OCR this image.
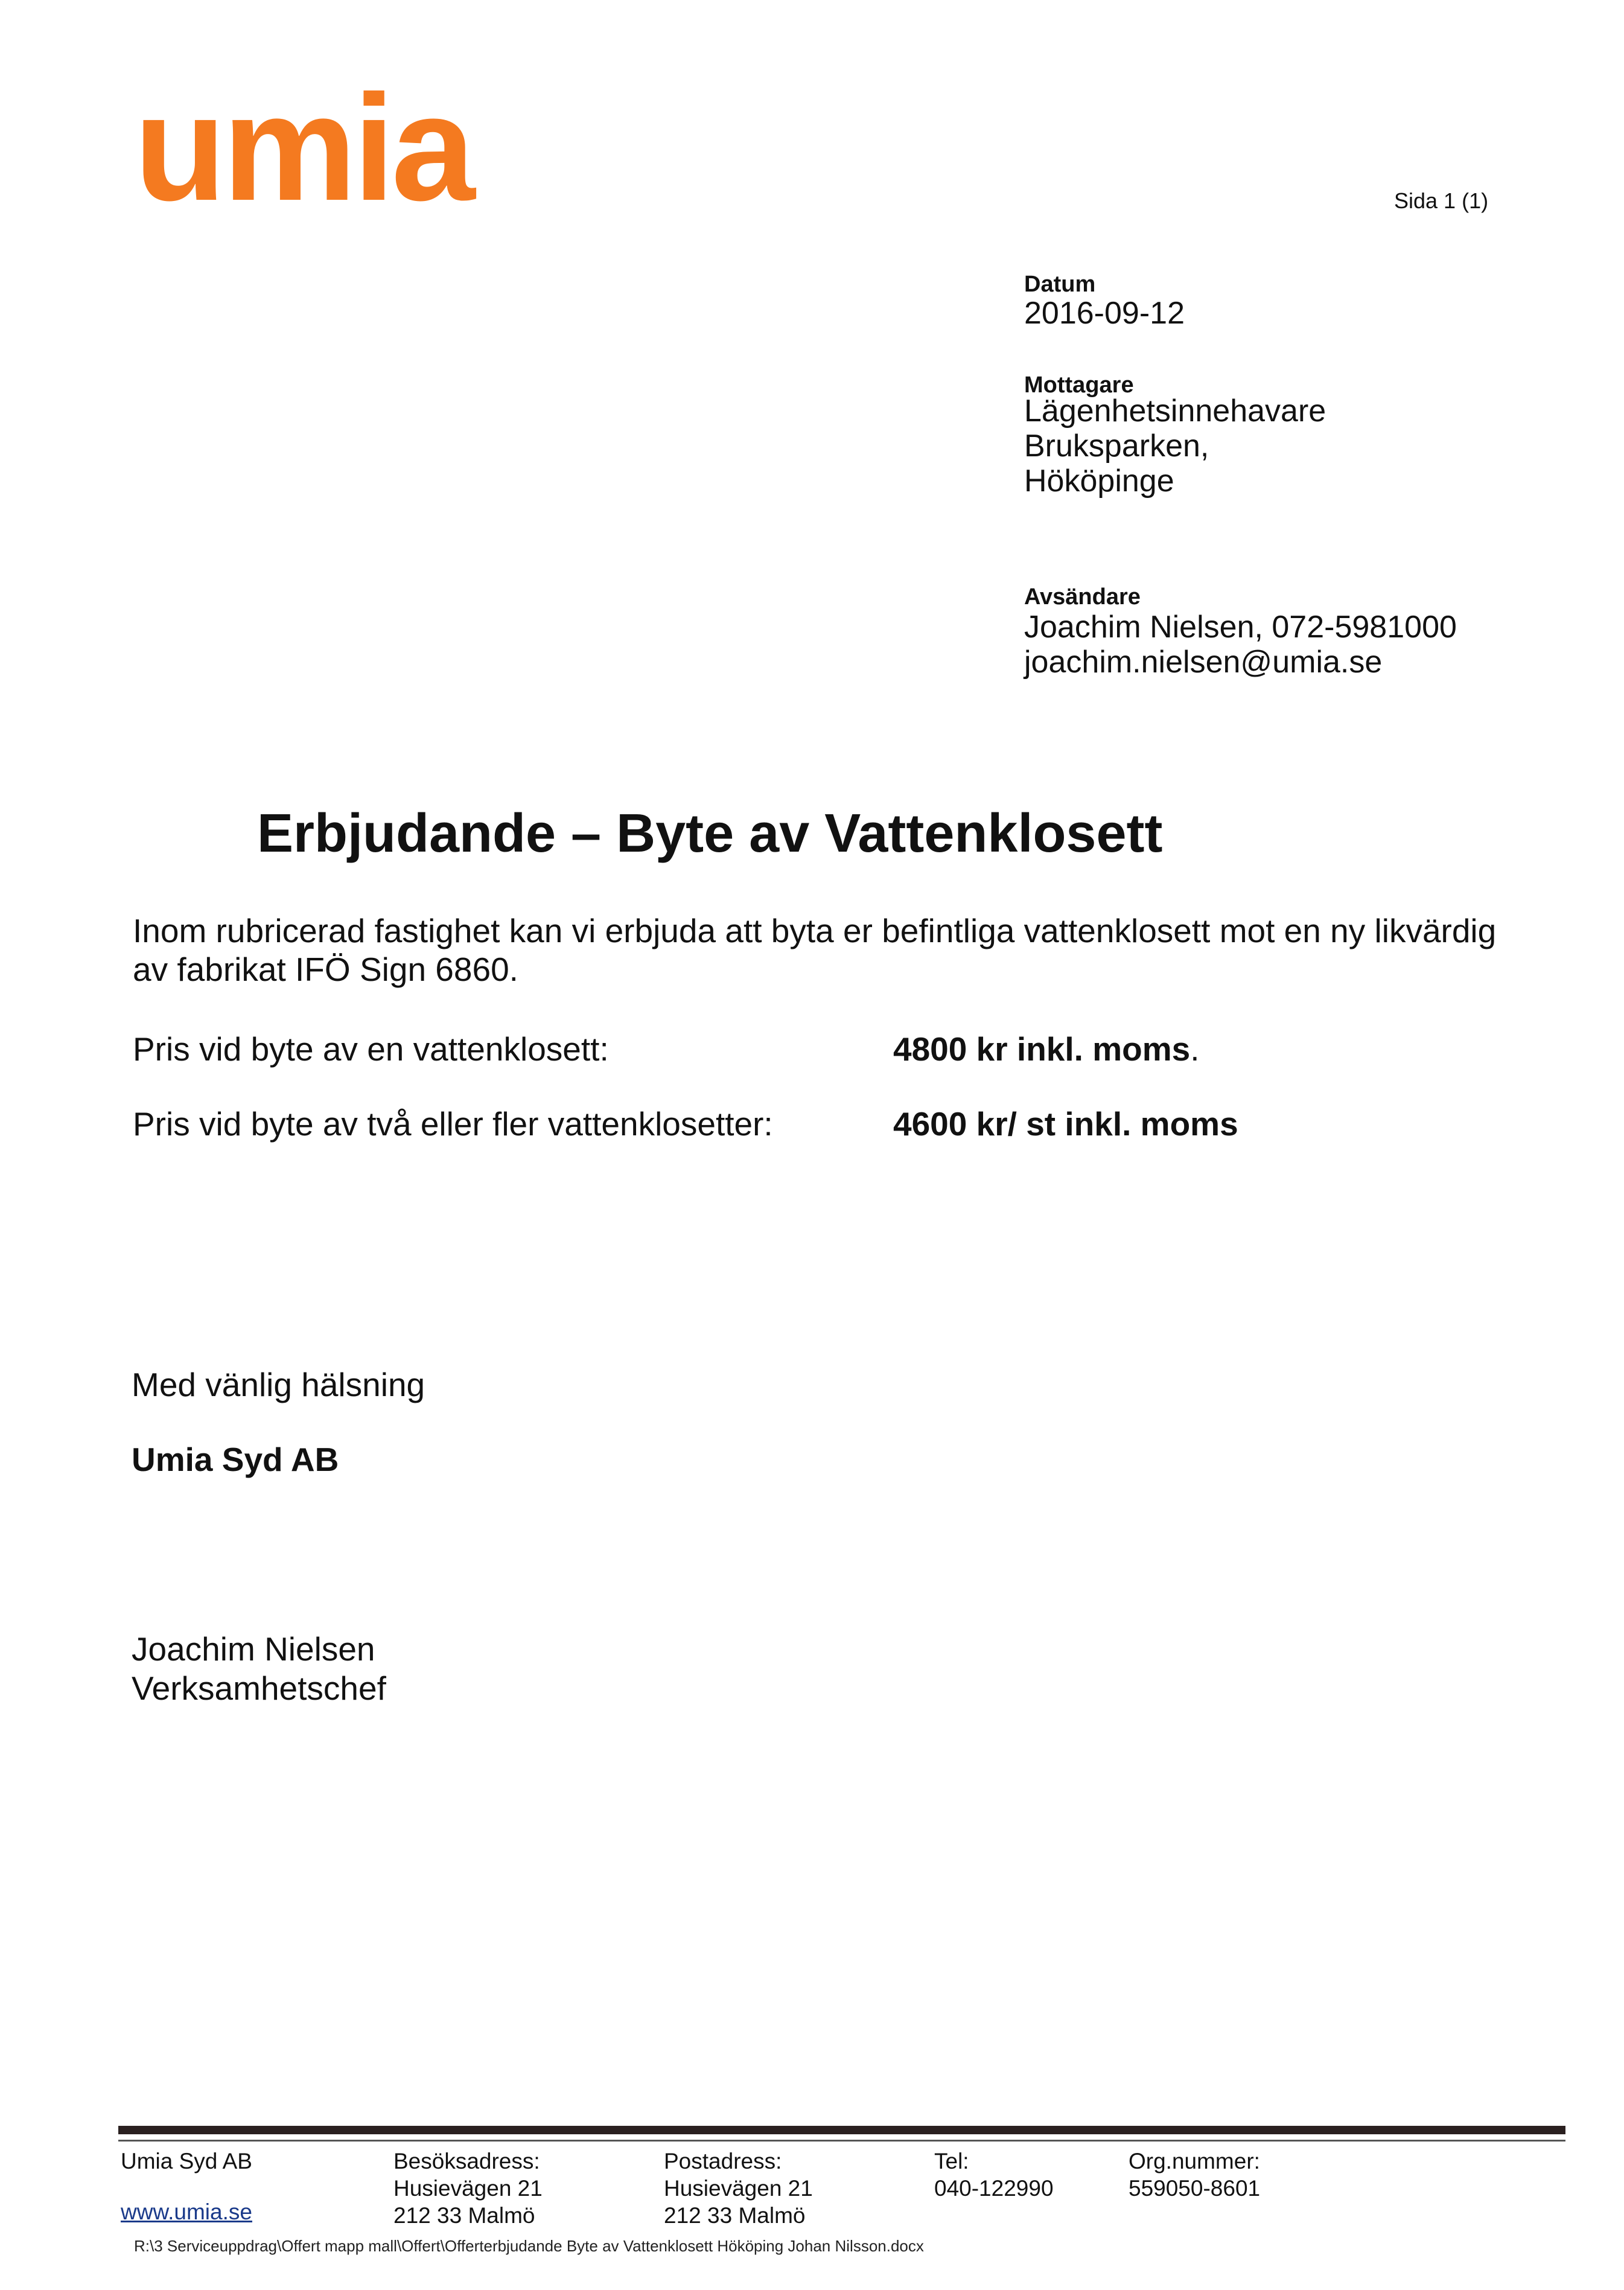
umia	Sida 1 (1)
Datum
2016-09-12
Mottagare
Lägenhetsinnehavare
Bruksparken,
Hököpinge
Avsändare
Joachim Nielsen, 072-5981000
joachim.nielsen@umia.se
Erbjudande – Byte av Vattenklosett
Inom rubricerad fastighet kan vi erbjuda att byta er befintliga vattenklosett mot en ny likvärdig av fabrikat IFÖ Sign 6860.
Pris vid byte av en vattenklosett:	4800 kr inkl. moms.
Pris vid byte av två eller fler vattenklosetter:	4600 kr/ st inkl. moms
Med vänlig hälsning
Umia Syd AB
Joachim Nielsen
Verksamhetschef
Umia Syd AB
www.umia.se
Besöksadress:
Husievägen 21
212 33 Malmö
Postadress:
Husievägen 21
212 33 Malmö
Tel:
040-122990
Org.nummer:
559050-8601
R:\3 Serviceuppdrag\Offert mapp mall\Offert\Offerterbjudande Byte av Vattenklosett Hököping Johan Nilsson.docx
